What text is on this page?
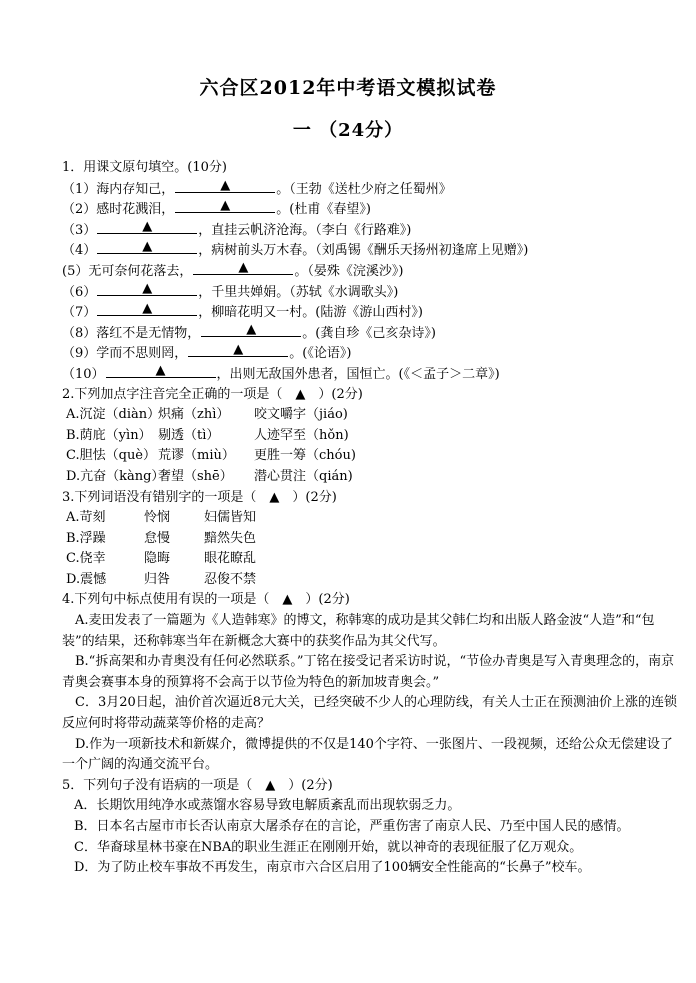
六合区2012年中考语文模拟试卷
一 （24分）
1．用课文原句填空。(10分)
（1）海内存知己，	▲	。（王勃《送杜少府之任蜀州》
（2）感时花溅泪，	▲	。(杜甫《春望》)
（3）	▲	，直挂云帆济沧海。（李白《行路难》)
（4）	▲	，病树前头万木春。（刘禹锡《酬乐天扬州初逢席上见赠》)
(5）无可奈何花落去，	▲	。（晏殊《浣溪沙》)
（6）	▲	，千里共婵娟。（苏轼《水调歌头》)
（7）	▲	，柳暗花明又一村。(陆游《游山西村》)
（8）落红不是无情物，	▲	。(龚自珍《己亥杂诗》)
（9）学而不思则罔，	▲	。(《论语》)
（10）	▲	，出则无敌国外患者，国恒亡。(《＜孟子＞二章》)
2.下列加点字注音完全正确的一项是（　▲　）(2分)
A.沉淀（diàn）炽痛（zhì） 咬文嚼字（jiáo)
B.荫庇（yìn） 剔透（tì）	人迹罕至（hǒn)
C.胆怯（què） 荒谬（miù） 更胜一筹（chóu)
D.亢奋（kàng）奢望（shē） 潜心贯注（qián)
3.下列词语没有错别字的一项是（　▲　）(2分)
A.苛刻	怜悯	妇儒皆知
B.浮躁	怠慢	黯然失色
C.侥幸	隐晦	眼花瞭乱
D.震憾	归咎	忍俊不禁
4.下列句中标点使用有误的一项是（　▲　）(2分)
A.麦田发表了一篇题为《人造韩寒》的博文，称韩寒的成功是其父韩仁均和出版人路金波“人造”和“包装”的结果，还称韩寒当年在新概念大赛中的获奖作品为其父代写。
B.“拆高架和办青奥没有任何必然联系。”丁铭在接受记者采访时说，“节俭办青奥是写入青奥理念的，南京青奥会赛事本身的预算将不会高于以节俭为特色的新加坡青奥会。”
C．3月20日起，油价首次逼近8元大关，已经突破不少人的心理防线，有关人士正在预测油价上涨的连锁反应何时将带动蔬菜等价格的走高？
D.作为一项新技术和新媒介，微博提供的不仅是140个字符、一张图片、一段视频，还给公众无偿建设了一个广阔的沟通交流平台。
5．下列句子没有语病的一项是（　▲　）(2分)
A．长期饮用纯净水或蒸馏水容易导致电解质紊乱而出现软弱乏力。
B．日本名古屋市市长否认南京大屠杀存在的言论，严重伤害了南京人民、乃至中国人民的感情。
C．华裔球星林书豪在NBA的职业生涯正在刚刚开始，就以神奇的表现征服了亿万观众。
D．为了防止校车事故不再发生，南京市六合区启用了100辆安全性能高的“长鼻子”校车。
